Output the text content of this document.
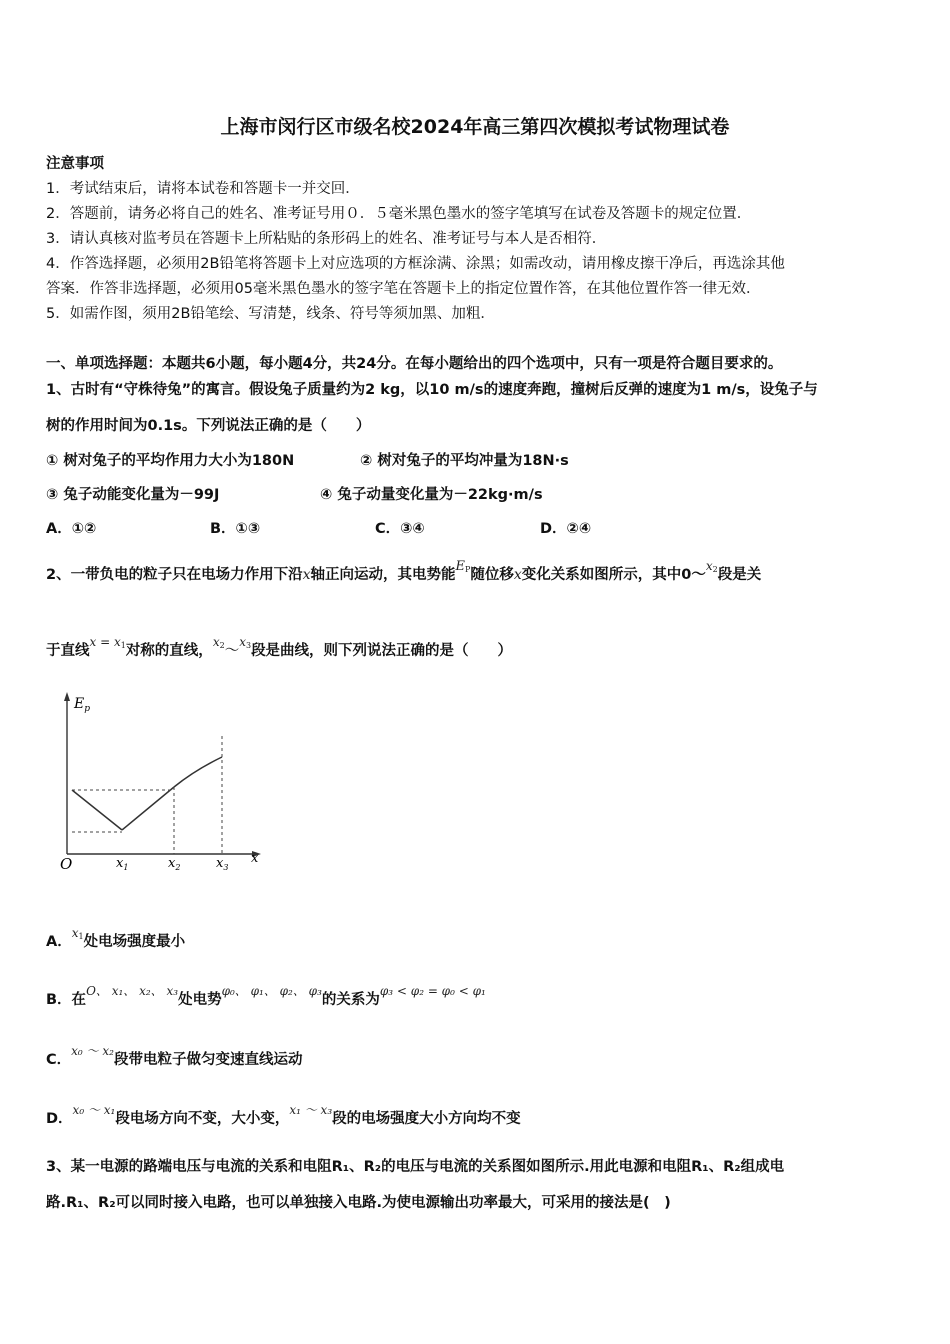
上海市闵行区市级名校2024年高三第四次模拟考试物理试卷
注意事项
1．考试结束后，请将本试卷和答题卡一并交回．
2．答题前，请务必将自己的姓名、准考证号用０．５毫米黑色墨水的签字笔填写在试卷及答题卡的规定位置．
3．请认真核对监考员在答题卡上所粘贴的条形码上的姓名、准考证号与本人是否相符．
4．作答选择题，必须用2B铅笔将答题卡上对应选项的方框涂满、涂黑；如需改动，请用橡皮擦干净后，再选涂其他
答案．作答非选择题，必须用05毫米黑色墨水的签字笔在答题卡上的指定位置作答，在其他位置作答一律无效．
5．如需作图，须用2B铅笔绘、写清楚，线条、符号等须加黑、加粗．
一、单项选择题：本题共6小题，每小题4分，共24分。在每小题给出的四个选项中，只有一项是符合题目要求的。
1、古时有“守株待兔”的寓言。假设兔子质量约为2 kg，以10 m/s的速度奔跑，撞树后反弹的速度为1 m/s，设兔子与
树的作用时间为0.1s。下列说法正确的是（　　）
① 树对兔子的平均作用力大小为180N	② 树对兔子的平均冲量为18N·s
③ 兔子动能变化量为－99J	④ 兔子动量变化量为－22kg·m/s
A．①②	B．①③	C．③④	D．②④
2、一带负电的粒子只在电场力作用下沿x轴正向运动，其电势能$E_P$随位移x变化关系如图所示，其中0～$^{x_2}$段是关
于直线$^{x = x_1}$对称的直线，$^{x_2}$～$^{x_3}$段是曲线，则下列说法正确的是（　　）
$E_p$
O	x
$x_1$	$x_2$	$x_3$
A．$^{x_1}$处电场强度最小
B．在$^{O、 x_1、 x_2、 x_3}$处电势$^{\varphi_0、 \varphi_1、 \varphi_2、 \varphi_3}$的关系为$^{\varphi_3 < \varphi_2 = \varphi_0 < \varphi_1}$
C．$^{x_0 \sim x_2}$段带电粒子做匀变速直线运动
D．$^{x_0 \sim x_1}$段电场方向不变，大小变，$^{x_1 \sim x_3}$段的电场强度大小方向均不变
3、某一电源的路端电压与电流的关系和电阻R₁、R₂的电压与电流的关系图如图所示.用此电源和电阻R₁、R₂组成电
路.R₁、R₂可以同时接入电路，也可以单独接入电路.为使电源输出功率最大，可采用的接法是(　)
